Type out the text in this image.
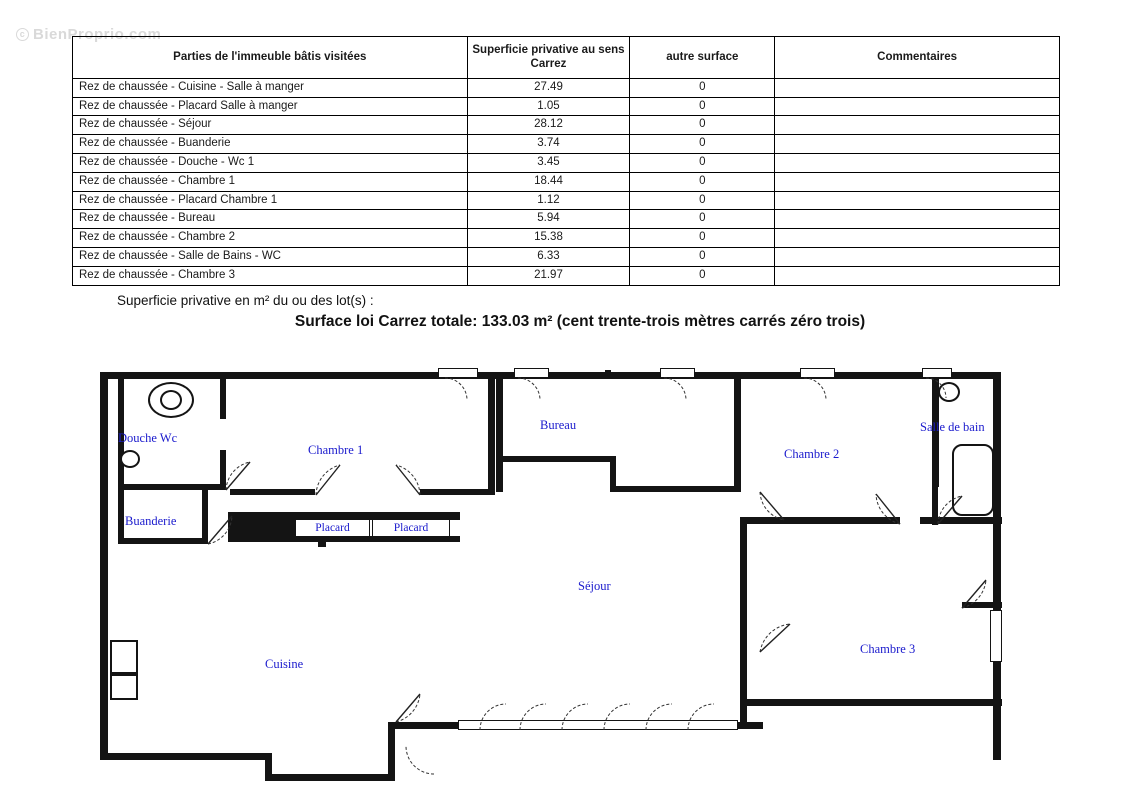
c BienProprio.com
Parties de l'immeuble bâtis visitées	Superficie privative au sens Carrez	autre surface	Commentaires
Rez de chaussée - Cuisine - Salle à manger	27.49	0	
Rez de chaussée - Placard Salle à manger	1.05	0	
Rez de chaussée - Séjour	28.12	0	
Rez de chaussée - Buanderie	3.74	0	
Rez de chaussée - Douche - Wc 1	3.45	0	
Rez de chaussée - Chambre 1	18.44	0	
Rez de chaussée - Placard Chambre 1	1.12	0	
Rez de chaussée - Bureau	5.94	0	
Rez de chaussée - Chambre 2	15.38	0	
Rez de chaussée - Salle de Bains - WC	6.33	0	
Rez de chaussée - Chambre 3	21.97	0	
Superficie privative en m² du ou des lot(s) :
Surface loi Carrez totale: 133.03 m² (cent trente-trois mètres carrés zéro trois)
Placard	Placard
Douche Wc
Buanderie
Chambre 1
Bureau
Chambre 2
Salle de bain
Séjour
Cuisine
Chambre 3
